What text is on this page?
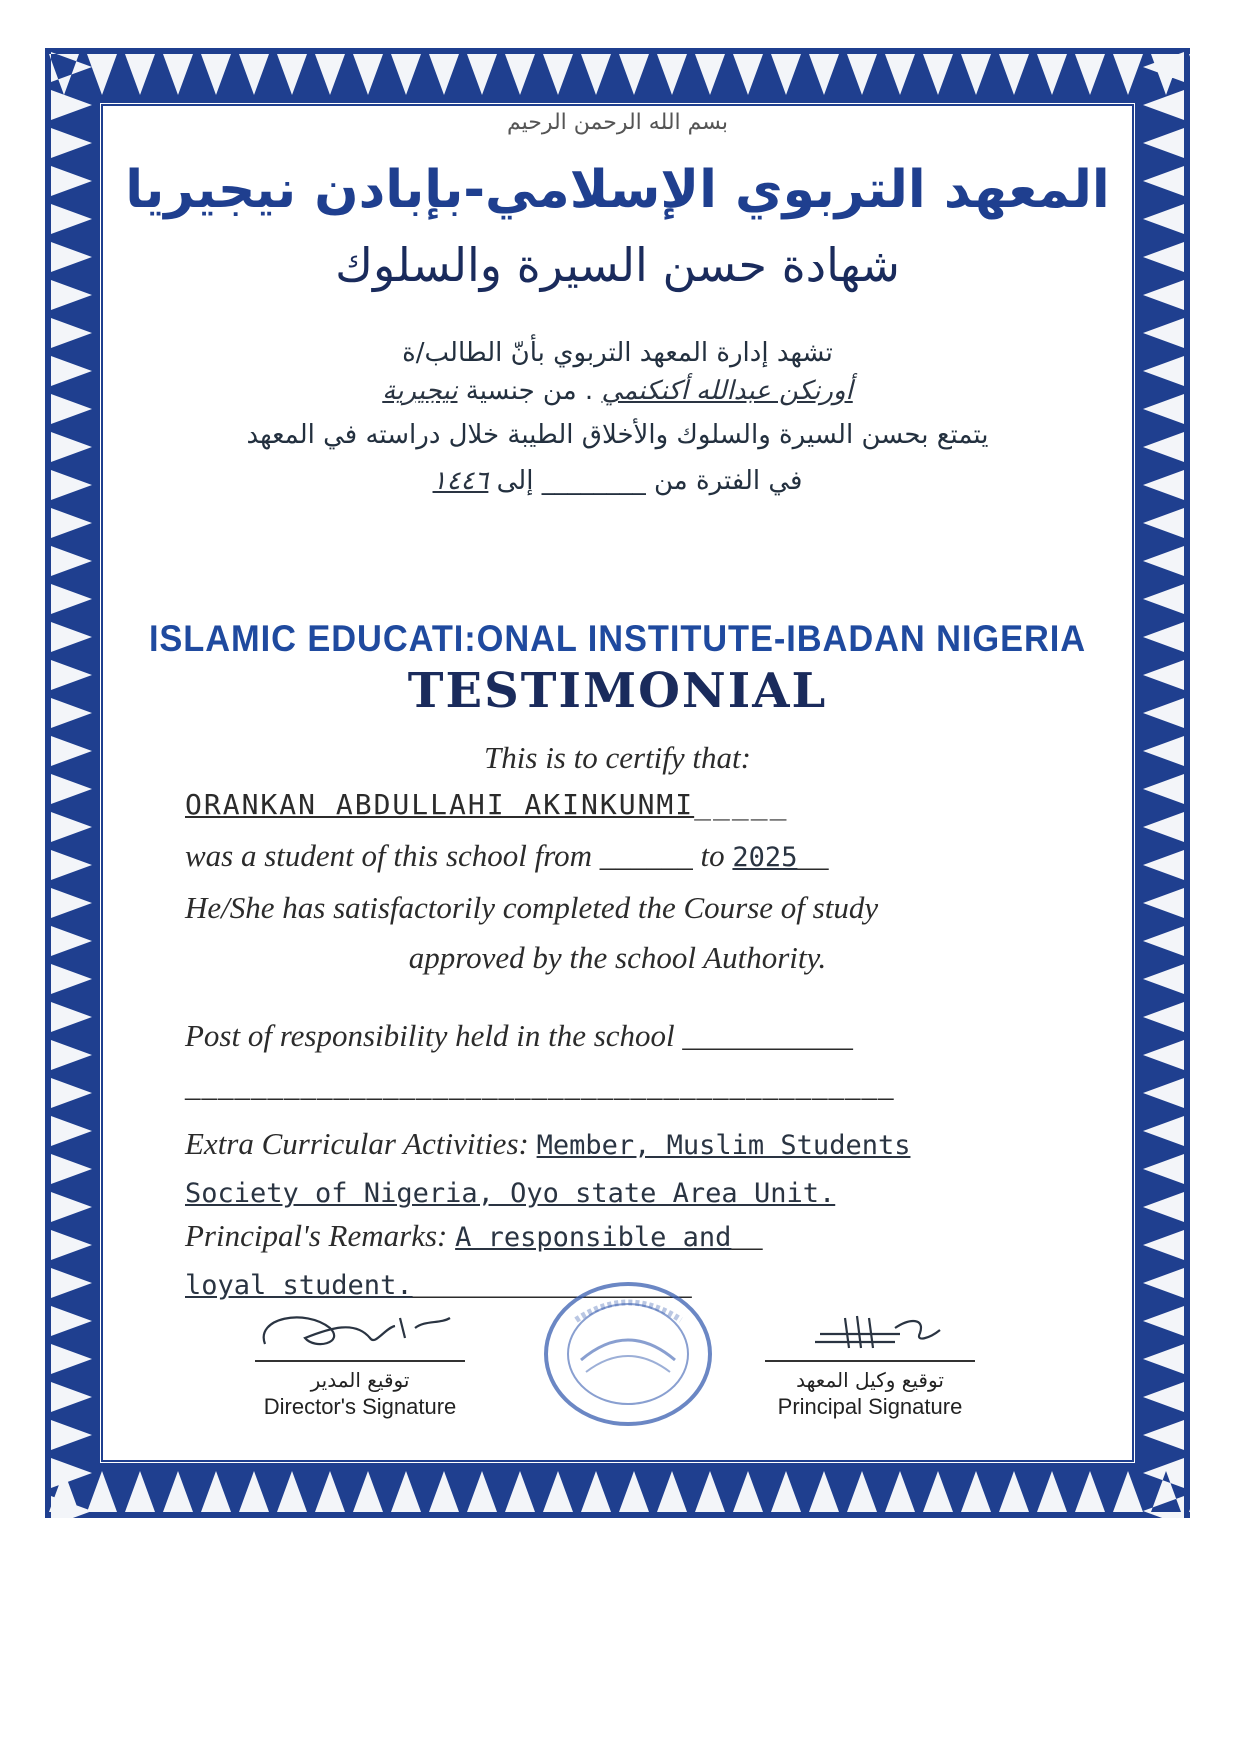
بسم الله الرحمن الرحيم
المعهد التربوي الإسلامي-بإبادن نيجيريا
شهادة حسن السيرة والسلوك
تشهد إدارة المعهد التربوي بأنّ الطالب/ة
أورنكن عبدالله أكنكنمي . من جنسية نيجيرية
يتمتع بحسن السيرة والسلوك والأخلاق الطيبة خلال دراسته في المعهد
في الفترة من ________ إلى ١٤٤٦
ISLAMIC EDUCATI:ONAL INSTITUTE-IBADAN NIGERIA
TESTIMONIAL
This is to certify that:
ORANKAN ABDULLAHI AKINKUNMI_____
was a student of this school from ______ to 2025__
He/She has satisfactorily completed the Course of study
approved by the school Authority.
Post of responsibility held in the school ___________
___________________________________________
Extra Curricular Activities: Member, Muslim Students
Society of Nigeria, Oyo state Area Unit.
Principal's Remarks: A responsible and__
loyal student.__________________
توقيع المدير
Director's Signature
توقيع وكيل المعهد
Principal Signature
